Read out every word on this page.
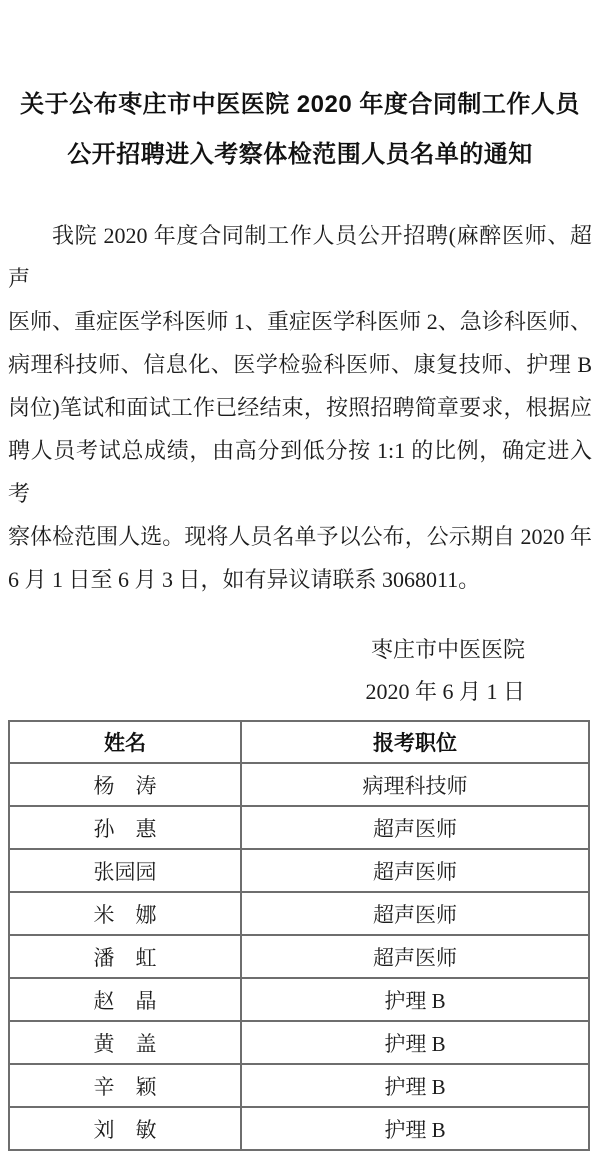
关于公布枣庄市中医医院 2020 年度合同制工作人员
公开招聘进入考察体检范围人员名单的通知
我院 2020 年度合同制工作人员公开招聘(麻醉医师、超声
医师、重症医学科医师 1、重症医学科医师 2、急诊科医师、
病理科技师、信息化、医学检验科医师、康复技师、护理 B
岗位)笔试和面试工作已经结束，按照招聘简章要求，根据应
聘人员考试总成绩，由高分到低分按 1:1 的比例，确定进入考
察体检范围人选。现将人员名单予以公布，公示期自 2020 年
6 月 1 日至 6 月 3 日，如有异议请联系 3068011。
枣庄市中医医院
2020 年 6 月 1 日
姓名	报考职位
杨　涛	病理科技师
孙　惠	超声医师
张园园	超声医师
米　娜	超声医师
潘　虹	超声医师
赵　晶	护理 B
黄　盖	护理 B
辛　颖	护理 B
刘　敏	护理 B
